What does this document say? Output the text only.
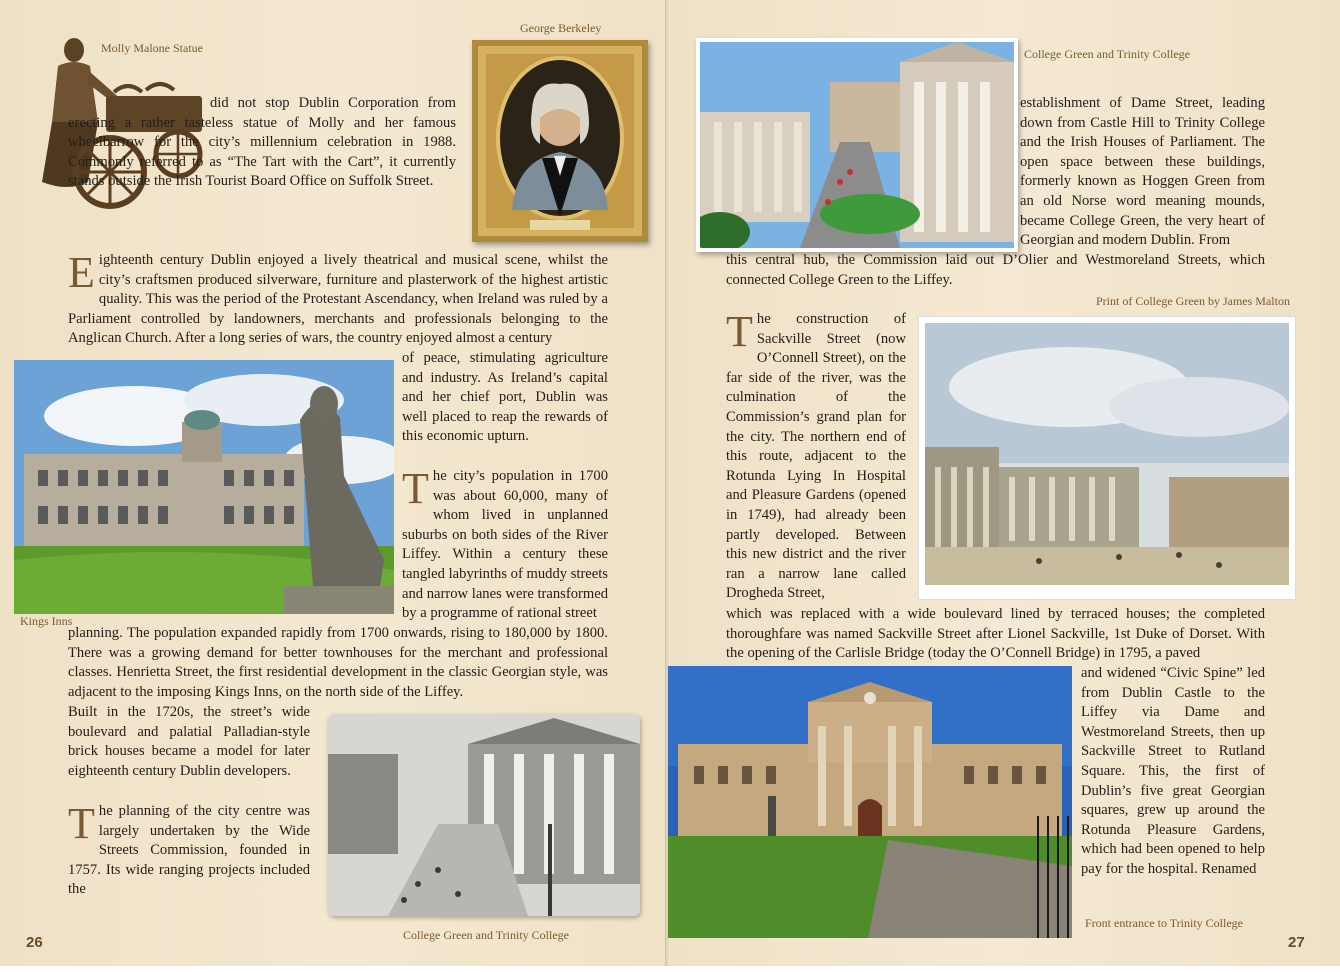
Molly Malone Statue
George Berkeley

did not stop Dublin Corporation from erecting a rather tasteless statue of Molly and her famous wheelbarrow for the city’s millennium celebration in 1988. Commonly referred to as “The Tart with the Cart”, it currently stands outside the Irish Tourist Board Office on Suffolk Street.

E ighteenth century Dublin enjoyed a lively theatrical and musical scene, whilst the city’s craftsmen produced silverware, furniture and plasterwork of the highest artistic quality. This was the period of the Protestant Ascendancy, when Ireland was ruled by a Parliament controlled by landowners, merchants and professionals belonging to the Anglican Church. After a long series of wars, the country enjoyed almost a century
Kings Inns

of peace, stimulating agriculture and industry. As Ireland’s capital and her chief port, Dublin was well placed to reap the rewards of this economic upturn.

T he city’s population in 1700 was about 60,000, many of whom lived in unplanned suburbs on both sides of the River Liffey. Within a century these tangled labyrinths of muddy streets and narrow lanes were transformed by a programme of rational street

planning. The population expanded rapidly from 1700 onwards, rising to 180,000 by 1800. There was a growing demand for better townhouses for the merchant and professional classes. Henrietta Street, the first residential development in the classic Georgian style, was adjacent to the imposing Kings Inns, on the north side of the Liffey.

Built in the 1720s, the street’s wide boulevard and palatial Palladian-style brick houses became a model for later eighteenth century Dublin developers.

T he planning of the city centre was largely undertaken by the Wide Streets Commission, founded in 1757. Its wide ranging projects included the
College Green and Trinity College
26
College Green and Trinity College

establishment of Dame Street, leading down from Castle Hill to Trinity College and the Irish Houses of Parliament. The open space between these buildings, formerly known as Hoggen Green from an old Norse word meaning mounds, became College Green, the very heart of Georgian and modern Dublin. From

this central hub, the Commission laid out D’Olier and Westmoreland Streets, which connected College Green to the Liffey.

Print of College Green by James Malton
T he construction of Sackville Street (now O’Connell Street), on the far side of the river, was the culmination of the Commission’s grand plan for the city. The northern end of this route, adjacent to the Rotunda Lying In Hospital and Pleasure Gardens (opened in 1749), had already been partly developed. Between this new district and the river ran a narrow lane called Drogheda Street,

which was replaced with a wide boulevard lined by terraced houses; the completed thoroughfare was named Sackville Street after Lionel Sackville, 1st Duke of Dorset. With the opening of the Carlisle Bridge (today the O’Connell Bridge) in 1795, a paved

and widened “Civic Spine” led from Dublin Castle to the Liffey via Dame and Westmoreland Streets, then up Sackville Street to Rutland Square. This, the first of Dublin’s five great Georgian squares, grew up around the Rotunda Pleasure Gardens, which had been opened to help pay for the hospital. Renamed

Front entrance to Trinity College
27
